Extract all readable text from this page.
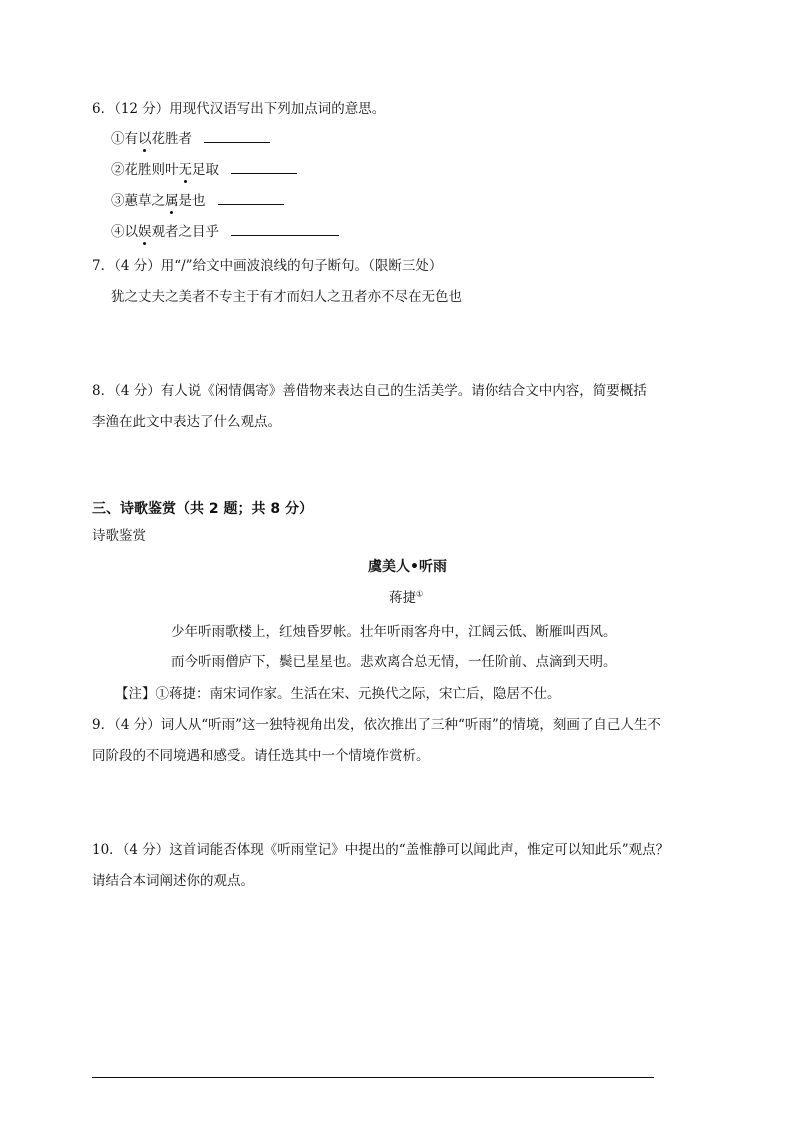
6．（12 分）用现代汉语写出下列加点词的意思。
①有以花胜者
②花胜则叶无足取
③蕙草之属是也
④以娱观者之目乎
7．（4 分）用“/”给文中画波浪线的句子断句。（限断三处）
犹之丈夫之美者不专主于有才而妇人之丑者亦不尽在无色也
8．（4 分）有人说《闲情偶寄》善借物来表达自己的生活美学。请你结合文中内容，简要概括
李渔在此文中表达了什么观点。
三、诗歌鉴赏（共 2 题；共 8 分）
诗歌鉴赏
虞美人•听雨
蒋捷①
少年听雨歌楼上，红烛昏罗帐。壮年听雨客舟中，江阔云低、断雁叫西风。
而今听雨僧庐下，鬓已星星也。悲欢离合总无情，一任阶前、点滴到天明。
【注】①蒋捷：南宋词作家。生活在宋、元换代之际，宋亡后，隐居不仕。
9．（4 分）词人从“听雨”这一独特视角出发，依次推出了三种“听雨”的情境，刻画了自己人生不
同阶段的不同境遇和感受。请任选其中一个情境作赏析。
10．（4 分）这首词能否体现《听雨堂记》中提出的“盖惟静可以闻此声，惟定可以知此乐”观点？
请结合本词阐述你的观点。
